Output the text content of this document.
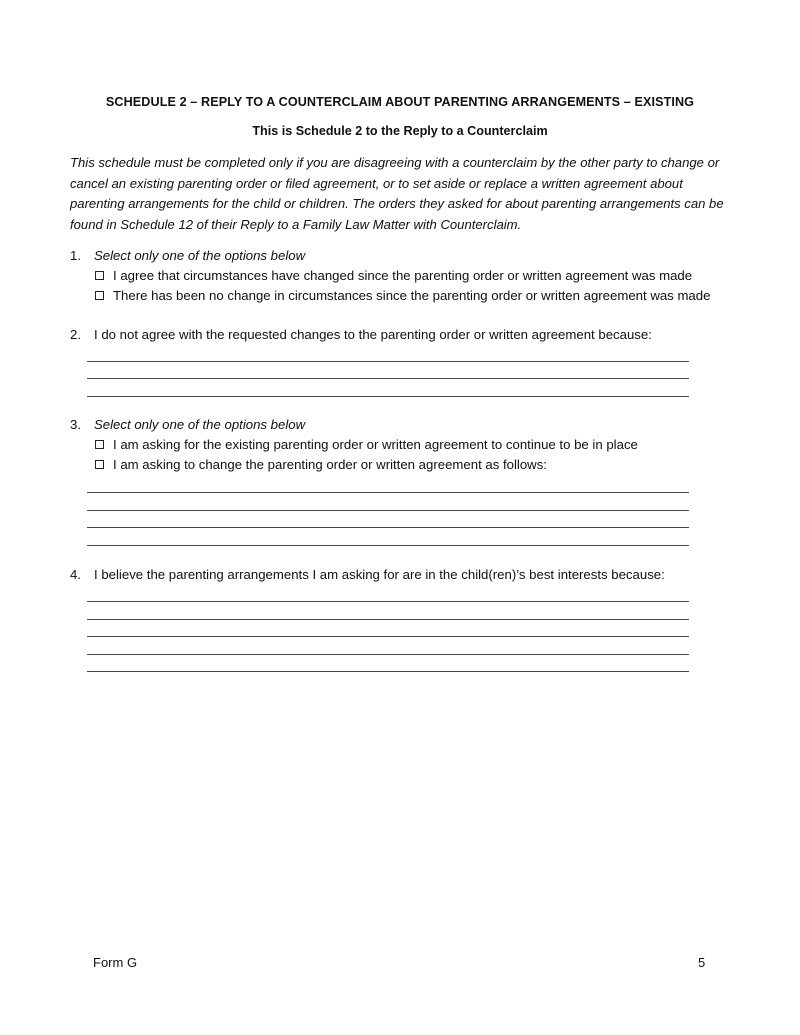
SCHEDULE 2 – REPLY TO A COUNTERCLAIM ABOUT PARENTING ARRANGEMENTS – EXISTING
This is Schedule 2 to the Reply to a Counterclaim
This schedule must be completed only if you are disagreeing with a counterclaim by the other party to change or cancel an existing parenting order or filed agreement, or to set aside or replace a written agreement about parenting arrangements for the child or children. The orders they asked for about parenting arrangements can be found in Schedule 12 of their Reply to a Family Law Matter with Counterclaim.
1. Select only one of the options below
I agree that circumstances have changed since the parenting order or written agreement was made
There has been no change in circumstances since the parenting order or written agreement was made
2. I do not agree with the requested changes to the parenting order or written agreement because:
3. Select only one of the options below
I am asking for the existing parenting order or written agreement to continue to be in place
I am asking to change the parenting order or written agreement as follows:
4. I believe the parenting arrangements I am asking for are in the child(ren)’s best interests because:
Form G	5
